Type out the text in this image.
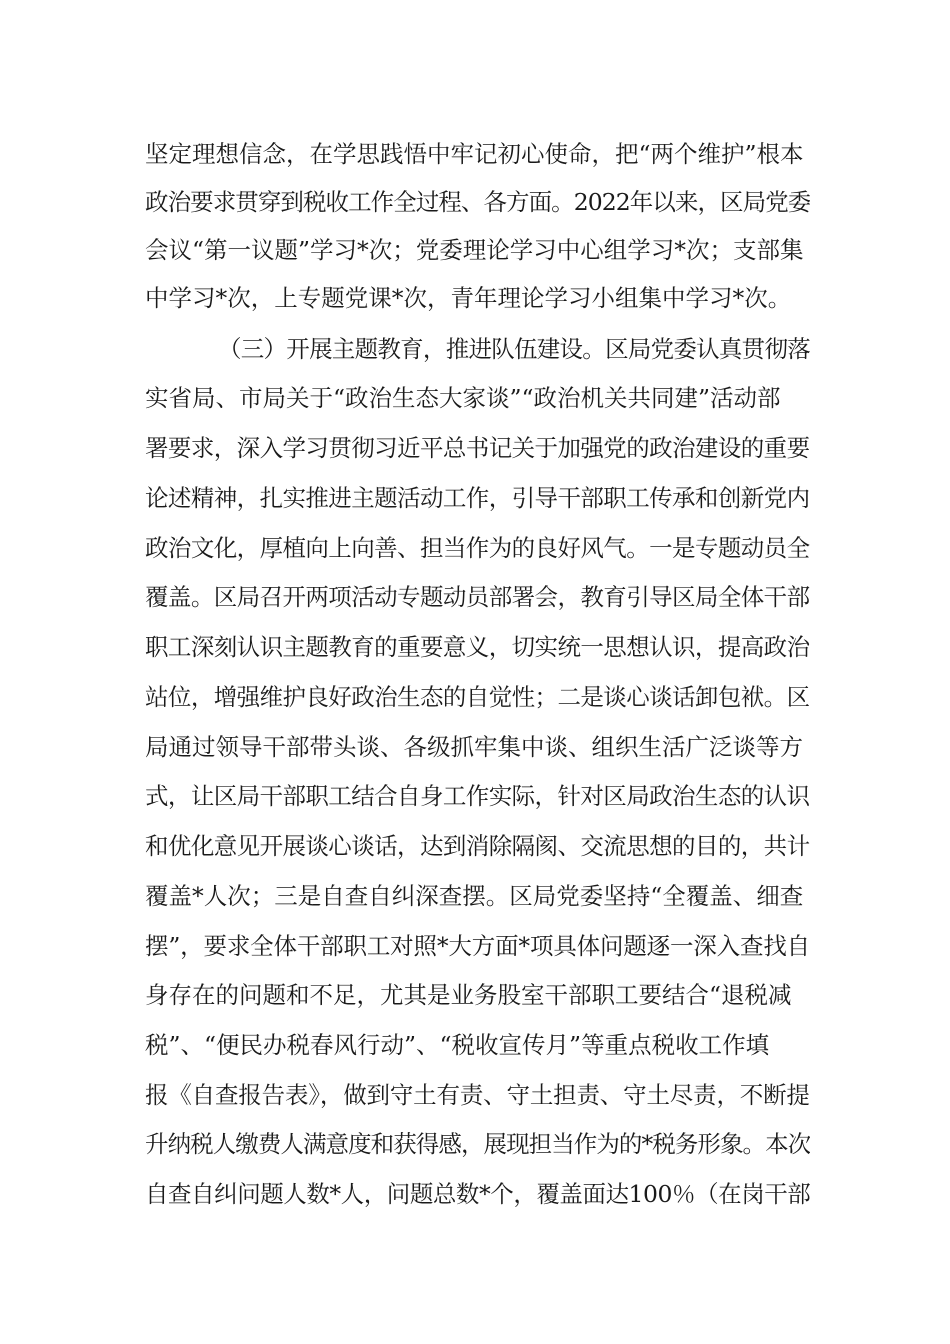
坚定理想信念，在学思践悟中牢记初心使命，把“两个维护”根本
政治要求贯穿到税收工作全过程、各方面。2022年以来，区局党委
会议“第一议题”学习*次；党委理论学习中心组学习*次；支部集
中学习*次，上专题党课*次，青年理论学习小组集中学习*次。
（三）开展主题教育，推进队伍建设。区局党委认真贯彻落
实省局、市局关于“政治生态大家谈”“政治机关共同建”活动部
署要求，深入学习贯彻习近平总书记关于加强党的政治建设的重要
论述精神，扎实推进主题活动工作，引导干部职工传承和创新党内
政治文化，厚植向上向善、担当作为的良好风气。一是专题动员全
覆盖。区局召开两项活动专题动员部署会，教育引导区局全体干部
职工深刻认识主题教育的重要意义，切实统一思想认识，提高政治
站位，增强维护良好政治生态的自觉性；二是谈心谈话卸包袱。区
局通过领导干部带头谈、各级抓牢集中谈、组织生活广泛谈等方
式，让区局干部职工结合自身工作实际，针对区局政治生态的认识
和优化意见开展谈心谈话，达到消除隔阂、交流思想的目的，共计
覆盖*人次；三是自查自纠深查摆。区局党委坚持“全覆盖、细查
摆”，要求全体干部职工对照*大方面*项具体问题逐一深入查找自
身存在的问题和不足，尤其是业务股室干部职工要结合“退税减
税”、“便民办税春风行动”、“税收宣传月”等重点税收工作填
报《自查报告表》，做到守土有责、守土担责、守土尽责，不断提
升纳税人缴费人满意度和获得感，展现担当作为的*税务形象。本次
自查自纠问题人数*人，问题总数*个，覆盖面达100％（在岗干部
